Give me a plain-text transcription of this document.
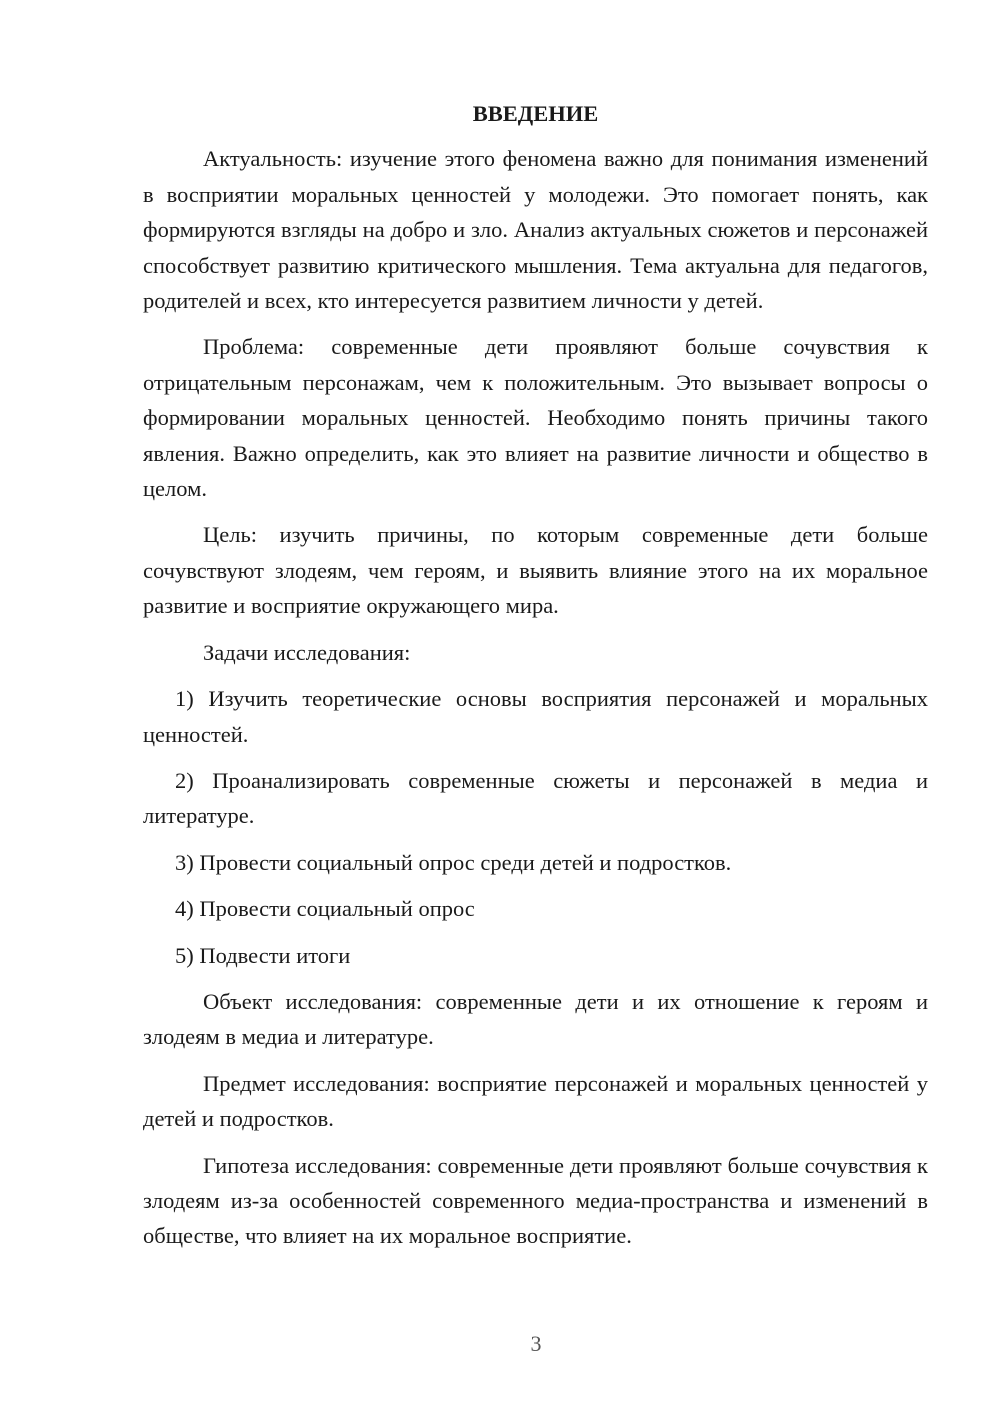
ВВЕДЕНИЕ

Актуальность: изучение этого феномена важно для понимания изменений в восприятии моральных ценностей у молодежи. Это помогает понять, как формируются взгляды на добро и зло. Анализ актуальных сюжетов и персонажей способствует развитию критического мышления. Тема актуальна для педагогов, родителей и всех, кто интересуется развитием личности у детей.

Проблема: современные дети проявляют больше сочувствия к отрицательным персонажам, чем к положительным. Это вызывает вопросы о формировании моральных ценностей. Необходимо понять причины такого явления. Важно определить, как это влияет на развитие личности и общество в целом.

Цель: изучить причины, по которым современные дети больше сочувствуют злодеям, чем героям, и выявить влияние этого на их моральное развитие и восприятие окружающего мира.

Задачи исследования:

1) Изучить теоретические основы восприятия персонажей и моральных ценностей.

2) Проанализировать современные сюжеты и персонажей в медиа и литературе.

3) Провести социальный опрос среди детей и подростков.

4) Провести социальный опрос

5) Подвести итоги

Объект исследования: современные дети и их отношение к героям и злодеям в медиа и литературе.

Предмет исследования: восприятие персонажей и моральных ценностей у детей и подростков.

Гипотеза исследования: современные дети проявляют больше сочувствия к злодеям из-за особенностей современного медиа-пространства и изменений в обществе, что влияет на их моральное восприятие.

3
